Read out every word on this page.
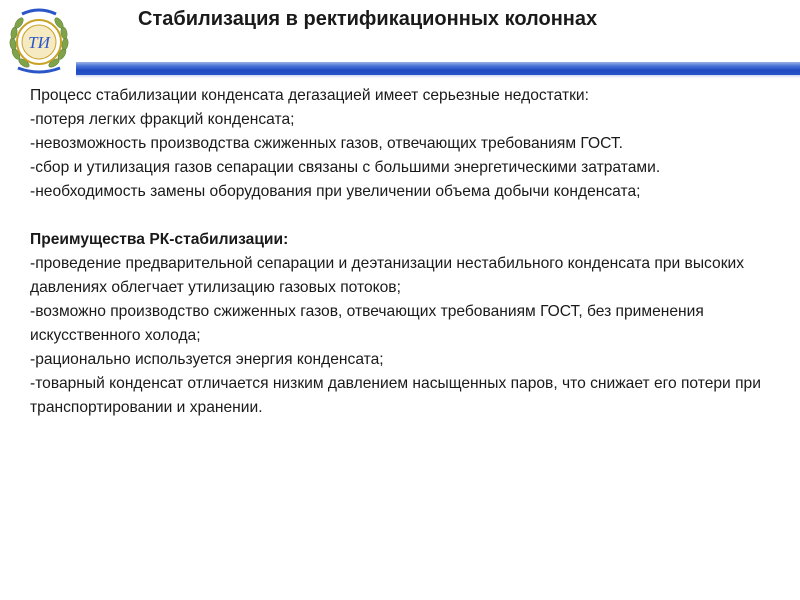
ТИ
Стабилизация в ректификационных колоннах

Процесс стабилизации конденсата дегазацией имеет серьезные недостатки:

-потеря легких фракций конденсата;

-невозможность производства сжиженных газов, отвечающих требованиям ГОСТ.

-сбор и утилизация газов сепарации связаны с большими энергетическими затратами.

-необходимость замены оборудования при увеличении объема добычи конденсата;

Преимущества РК-стабилизации:

-проведение предварительной сепарации и деэтанизации нестабильного конденсата при высоких давлениях облегчает утилизацию газовых потоков;

-возможно производство сжиженных газов, отвечающих требованиям ГОСТ, без применения искусственного холода;

-рационально используется энергия конденсата;

-товарный конденсат отличается низким давлением насыщенных паров, что снижает его потери при транспортировании и хранении.
